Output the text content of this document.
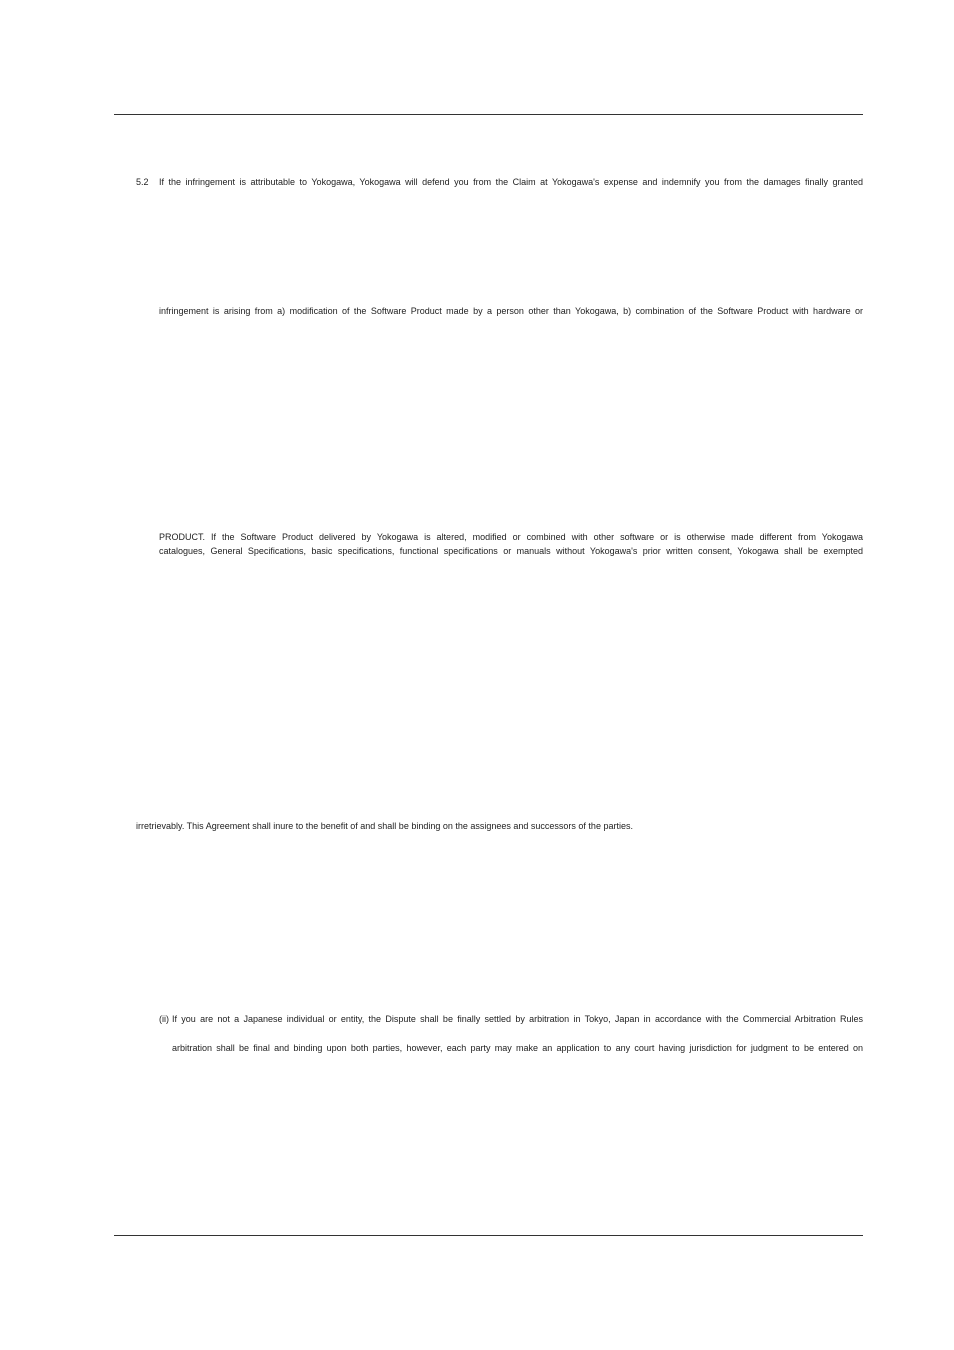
5.2 If the infringement is attributable to Yokogawa, Yokogawa will defend you from the Claim at Yokogawa's expense and indemnify you from the damages finally granted
infringement is arising from a) modification of the Software Product made by a person other than Yokogawa, b) combination of the Software Product with hardware or
PRODUCT. If the Software Product delivered by Yokogawa is altered, modified or combined with other software or is otherwise made different from Yokogawa
catalogues, General Specifications, basic specifications, functional specifications or manuals without Yokogawa's prior written consent, Yokogawa shall be exempted
irretrievably. This Agreement shall inure to the benefit of and shall be binding on the assignees and successors of the parties.
(ii) If you are not a Japanese individual or entity, the Dispute shall be finally settled by arbitration in Tokyo, Japan in accordance with the Commercial Arbitration Rules
arbitration shall be final and binding upon both parties, however, each party may make an application to any court having jurisdiction for judgment to be entered on
